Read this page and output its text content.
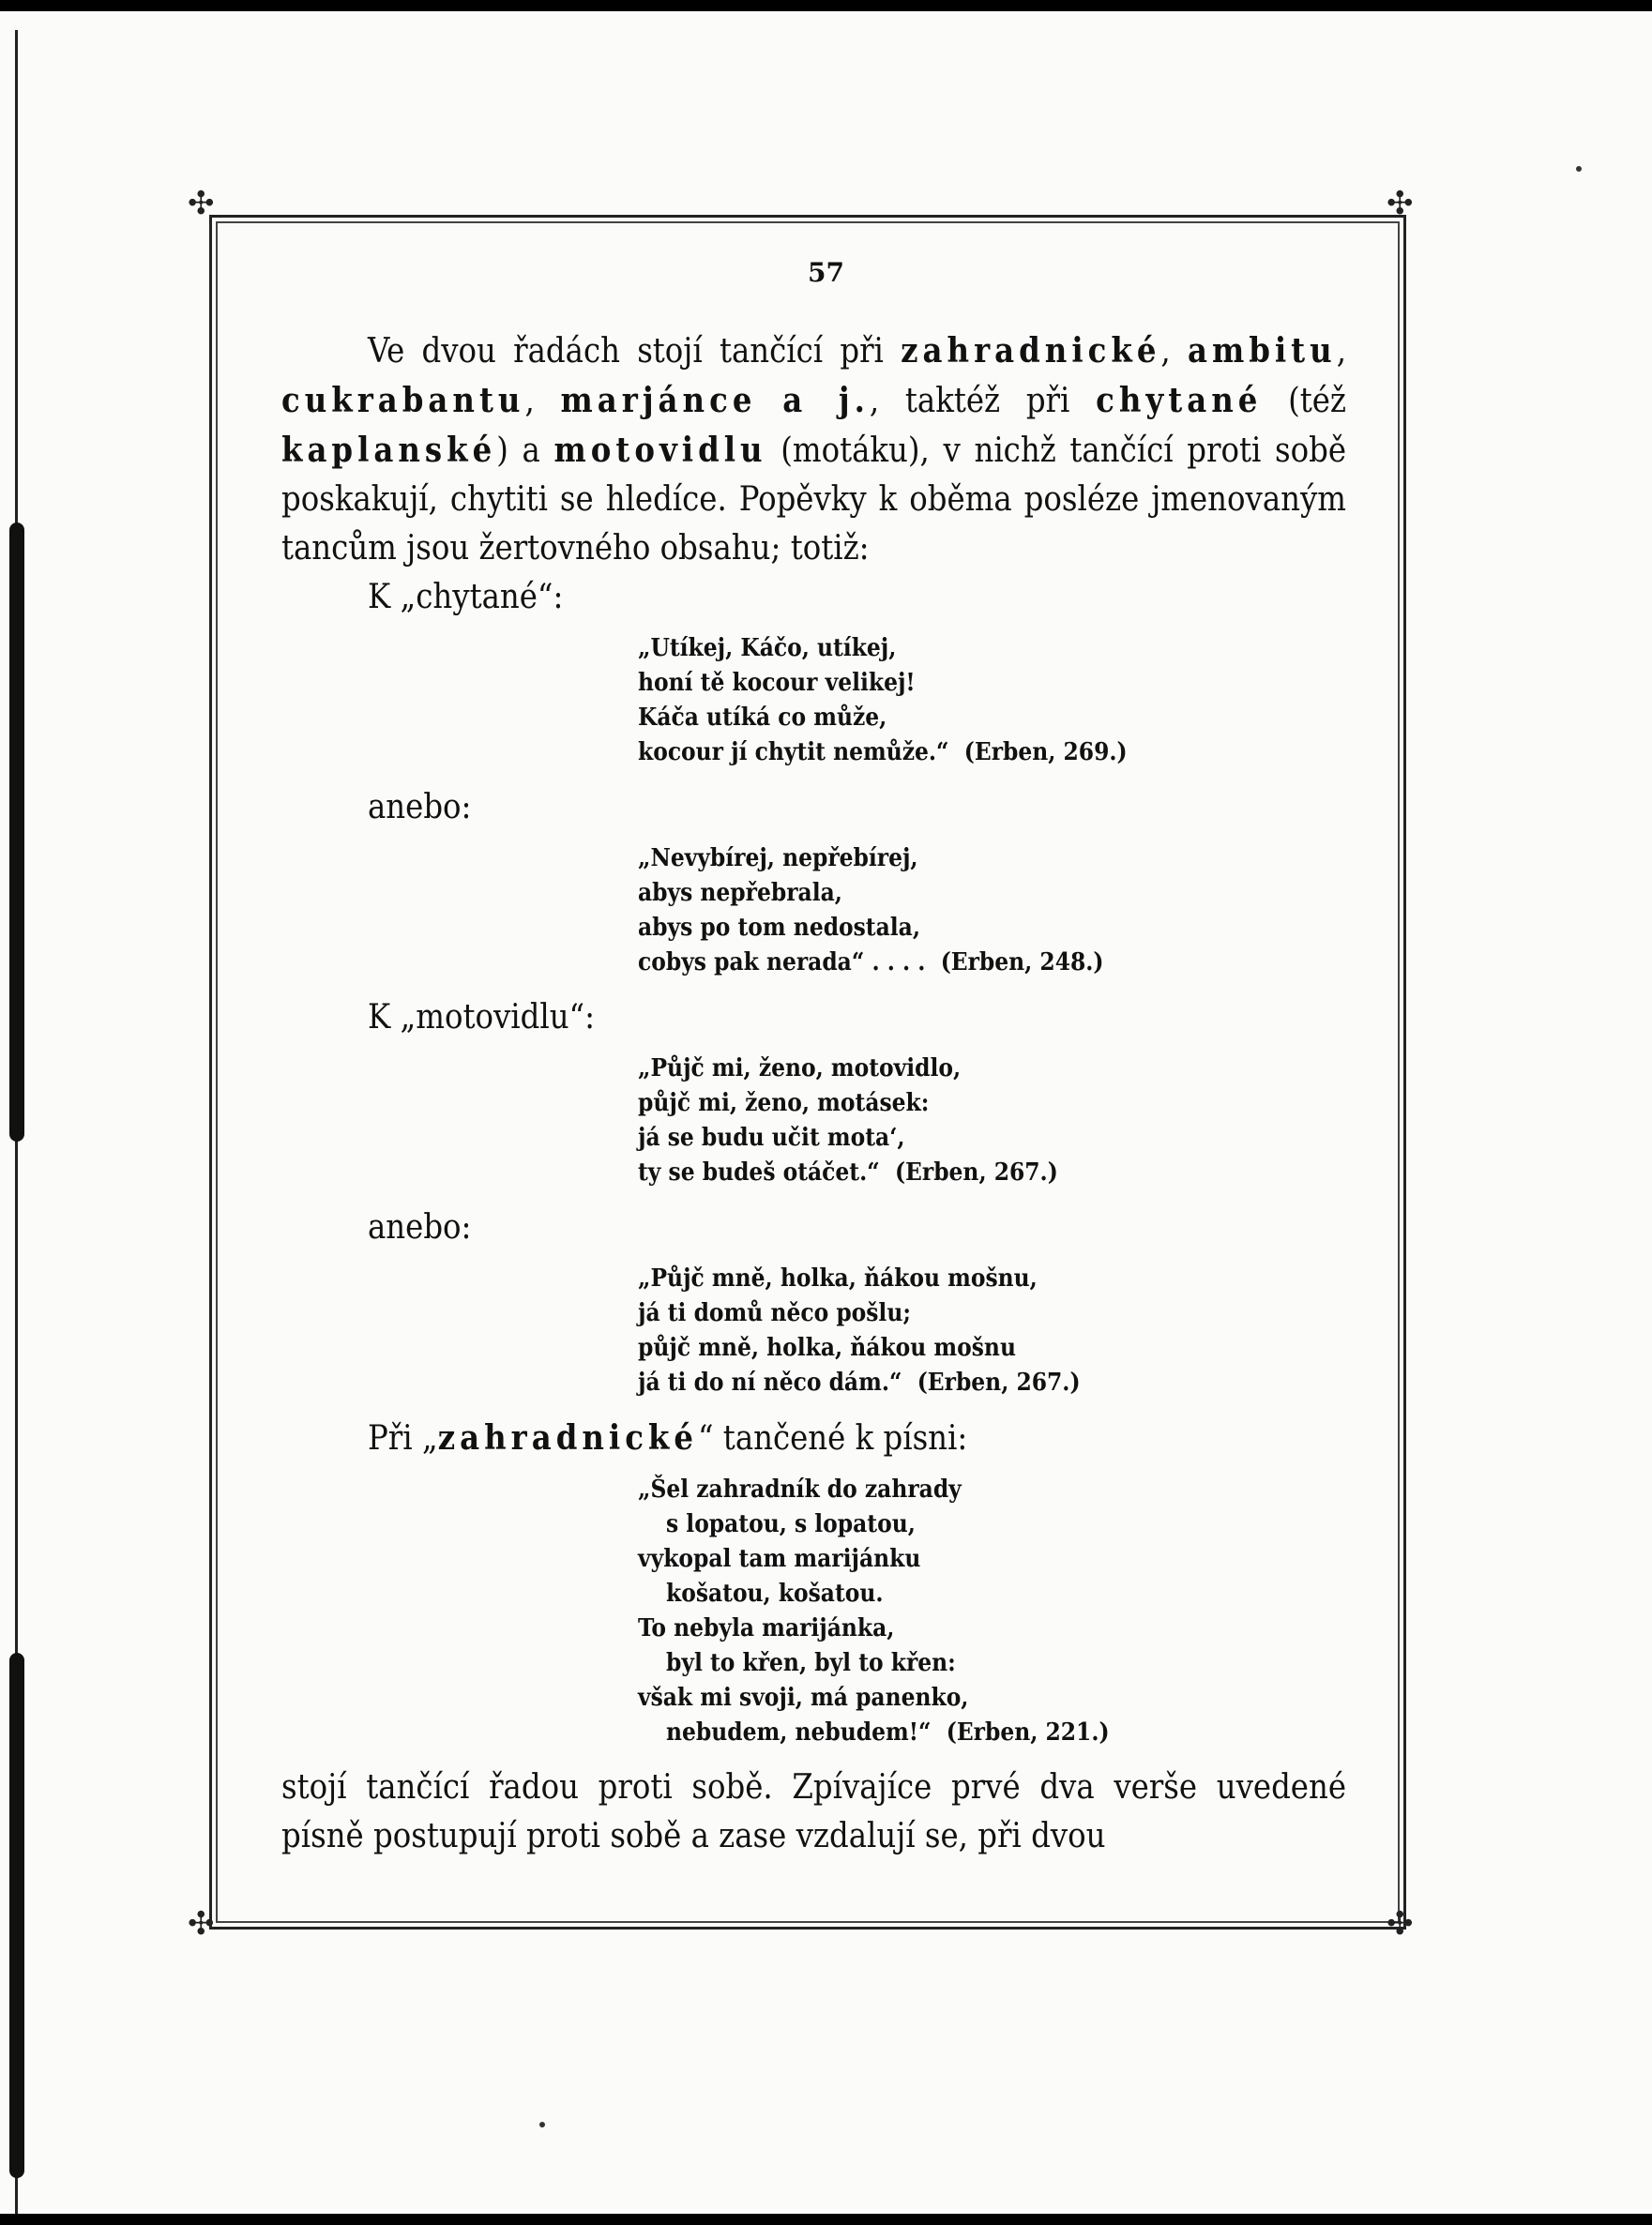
✣	✣
✣	✣
57

Ve dvou řadách stojí tančící při zahradnické, ambitu, cukrabantu, marjánce a j., taktéž při chytané (též kaplanské) a motovidlu (motáku), v nichž tančící proti sobě poskakují, chytiti se hledíce. Popěvky k oběma posléze jmenovaným tancům jsou žertovného obsahu; totiž:

K „chytané“:

„Utíkej, Káčo, utíkej,
honí tě kocour velikej!
Káča utíká co může,
kocour jí chytit nemůže.“ (Erben, 269.)

anebo:

„Nevybírej, nepřebírej,
abys nepřebrala,
abys po tom nedostala,
cobys pak nerada“ . . . . (Erben, 248.)

K „motovidlu“:

„Půjč mi, ženo, motovidlo,
půjč mi, ženo, motásek:
já se budu učit mota‘,
ty se budeš otáčet.“ (Erben, 267.)

anebo:

„Půjč mně, holka, ňákou mošnu,
já ti domů něco pošlu;
půjč mně, holka, ňákou mošnu
já ti do ní něco dám.“ (Erben, 267.)

Při „zahradnické“ tančené k písni:

„Šel zahradník do zahrady
s lopatou, s lopatou,
vykopal tam marijánku
košatou, košatou.
To nebyla marijánka,
byl to křen, byl to křen:
však mi svoji, má panenko,
nebudem, nebudem!“ (Erben, 221.)

stojí tančící řadou proti sobě. Zpívajíce prvé dva verše uvedené písně postupují proti sobě a zase vzdalují se, při dvou
